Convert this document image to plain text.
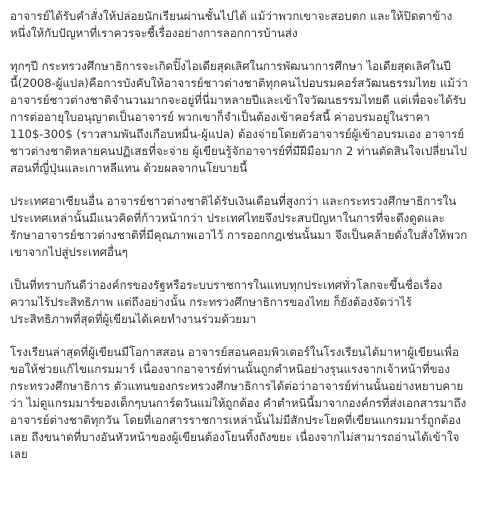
อาจารย์ได้รับคำสั่งให้ปล่อยนักเรียนผ่านชั้นไปได้ แม้ว่าพวกเขาจะสอบตก และให้ปิดตาข้างหนึ่งให้กับปัญหาที่เราควรจะชี้เรื่องอย่างการลอกการบ้านส่ง

ทุกๆปี กระทรวงศึกษาธิการจะเกิดปิ๊งไอเดียสุดเลิศในการพัฒนาการศึกษา ไอเดียสุดเลิศในปีนี้(2008-ผู้แปล)คือการบังคับให้อาจารย์ชาวต่างชาติทุกคนไปอบรมคอร์สวัฒนธรรมไทย แม้ว่าอาจารย์ชาวต่างชาติจำนวนมากจะอยู่ที่นี่มาหลายปีและเข้าใจวัฒนธรรมไทยดี แต่เพื่อจะได้รับการต่ออายุใบอนุญาตเป็นอาจารย์ พวกเขาก็จำเป็นต้องเข้าคอร์สนี้ ค่าอบรมอยู่ในราคา 110$-300$ (ราวสามพันถึงเกือบหมื่น-ผู้แปล) ต้องจ่ายโดยตัวอาจารย์ผู้เข้าอบรมเอง อาจารย์ชาวต่างชาติหลายคนปฏิเสธที่จะจ่าย ผู้เขียนรู้จักอาจารย์ที่มีฝีมือมาก 2 ท่านตัดสินใจเปลี่ยนไปสอนที่ญี่ปุ่นและเกาหลีแทน ด้วยผลจากนโยบายนี้

ประเทศอาเซียนอื่น อาจารย์ชาวต่างชาติได้รับเงินเดือนที่สูงกว่า และกระทรวงศึกษาธิการในประเทศเหล่านั้นมีแนวคิดที่ก้าวหน้ากว่า ประเทศไทยจึงประสบปัญหาในการที่จะดึงดูดและรักษาอาจารย์ชาวต่างชาติที่มีคุณภาพเอาไว้ การออกกฎเช่นนั้นมา จึงเป็นคล้ายดั่งใบสั่งให้พวกเขาจากไปสู่ประเทศอื่นๆ

เป็นที่ทราบกันดีว่าองค์กรของรัฐหรือระบบราชการในแทบทุกประเทศทั่วโลกจะขึ้นชื่อเรื่องความไร้ประสิทธิภาพ แต่ถึงอย่างนั้น กระทรวงศึกษาธิการของไทย ก็ยังต้องจัดว่าไร้ประสิทธิภาพที่สุดที่ผู้เขียนได้เคยทำงานร่วมด้วยมา

โรงเรียนล่าสุดที่ผู้เขียนมีโอกาสสอน อาจารย์สอนคอมพิวเตอร์ในโรงเรียนได้มาหาผู้เขียนเพื่อขอให้ช่วยแก้ไขแกรมมาร์ เนื่องจากอาจารย์ท่านนั้นถูกตำหนิอย่างรุนแรงจากเจ้าหน้าที่ของกระทรวงศึกษาธิการ ตัวแทนของกระทรวงศึกษาธิการได้ต่อว่าอาจารย์ท่านนั้นอย่างหยาบคายว่า ไม่ดูแกรมมาร์ของเด็กๆบนการ์ดวันแม่ให้ถูกต้อง คำตำหนินี้มาจากองค์กรที่ส่งเอกสารมาถึงอาจารย์ต่างชาติทุกวัน โดยที่เอกสารราชการเหล่านั้นไม่มีสักประโยคที่เขียนแกรมมาร์ถูกต้องเลย ถึงขนาดที่บางอันหัวหน้าของผู้เขียนต้องโยนทิ้งถังขยะ เนื่องจากไม่สามารถอ่านได้เข้าใจเลย
